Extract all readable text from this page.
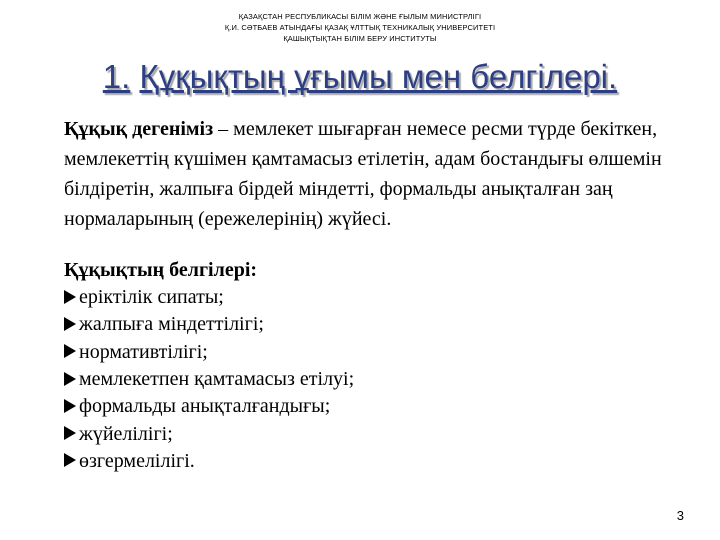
ҚАЗАҚСТАН РЕСПУБЛИКАСЫ БІЛІМ ЖӘНЕ ҒЫЛЫМ МИНИСТРЛІГІ
Қ.И. СӘТБАЕВ АТЫНДАҒЫ ҚАЗАҚ ҰЛТТЫҚ ТЕХНИКАЛЫҚ УНИВЕРСИТЕТІ
ҚАШЫҚТЫҚТАН БІЛІМ БЕРУ ИНСТИТУТЫ
1. Құқықтың ұғымы мен белгілері.
Құқық дегеніміз – мемлекет шығарған немесе ресми түрде бекіткен, мемлекеттің күшімен қамтамасыз етілетін, адам бостандығы өлшемін білдіретін, жалпыға бірдей міндетті, формальды анықталған заң нормаларының (ережелерінің) жүйесі.
Құқықтың белгілері:
еріктілік сипаты;
жалпыға міндеттілігі;
нормативтілігі;
мемлекетпен қамтамасыз етілуі;
формальды анықталғандығы;
жүйелілігі;
өзгермелілігі.
3
